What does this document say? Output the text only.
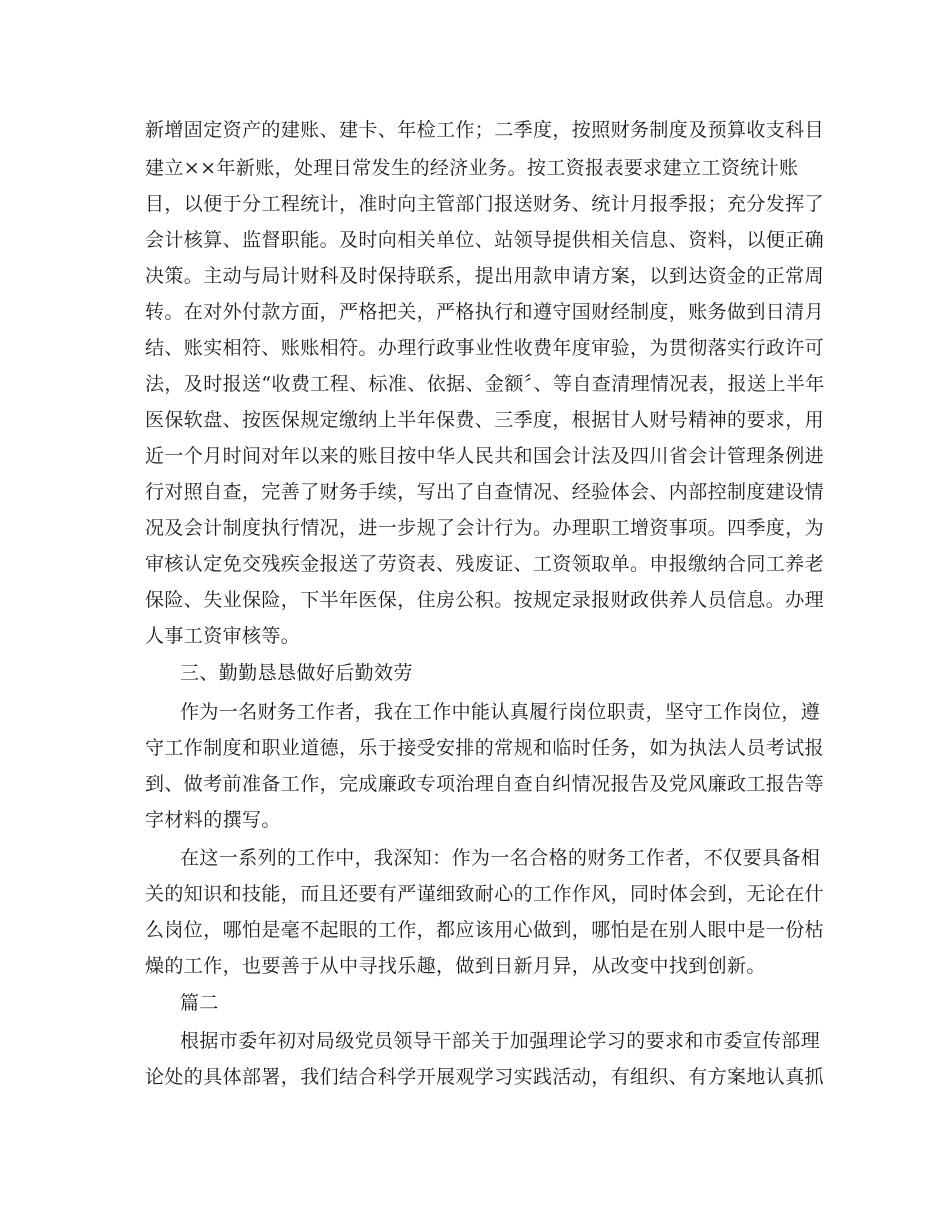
新增固定资产的建账、建卡、年检工作；二季度，按照财务制度及预算收支科目
建立××年新账，处理日常发生的经济业务。按工资报表要求建立工资统计账
目，以便于分工程统计，准时向主管部门报送财务、统计月报季报；充分发挥了
会计核算、监督职能。及时向相关单位、站领导提供相关信息、资料，以便正确
决策。主动与局计财科及时保持联系，提出用款申请方案，以到达资金的正常周
转。在对外付款方面，严格把关，严格执行和遵守国财经制度，账务做到日清月
结、账实相符、账账相符。办理行政事业性收费年度审验，为贯彻落实行政许可
法，及时报送“收费工程、标准、依据、金额〞、等自查清理情况表，报送上半年
医保软盘、按医保规定缴纳上半年保费、三季度，根据甘人财号精神的要求，用
近一个月时间对年以来的账目按中华人民共和国会计法及四川省会计管理条例进
行对照自查，完善了财务手续，写出了自查情况、经验体会、内部控制度建设情
况及会计制度执行情况，进一步规了会计行为。办理职工增资事项。四季度，为
审核认定免交残疾金报送了劳资表、残废证、工资领取单。申报缴纳合同工养老
保险、失业保险，下半年医保，住房公积。按规定录报财政供养人员信息。办理
人事工资审核等。
三、勤勤恳恳做好后勤效劳
作为一名财务工作者，我在工作中能认真履行岗位职责，坚守工作岗位，遵
守工作制度和职业道德，乐于接受安排的常规和临时任务，如为执法人员考试报
到、做考前准备工作，完成廉政专项治理自查自纠情况报告及党风廉政工报告等
字材料的撰写。
在这一系列的工作中，我深知：作为一名合格的财务工作者，不仅要具备相
关的知识和技能，而且还要有严谨细致耐心的工作作风，同时体会到，无论在什
么岗位，哪怕是毫不起眼的工作，都应该用心做到，哪怕是在别人眼中是一份枯
燥的工作，也要善于从中寻找乐趣，做到日新月异，从改变中找到创新。
篇二
根据市委年初对局级党员领导干部关于加强理论学习的要求和市委宣传部理
论处的具体部署，我们结合科学开展观学习实践活动，有组织、有方案地认真抓
